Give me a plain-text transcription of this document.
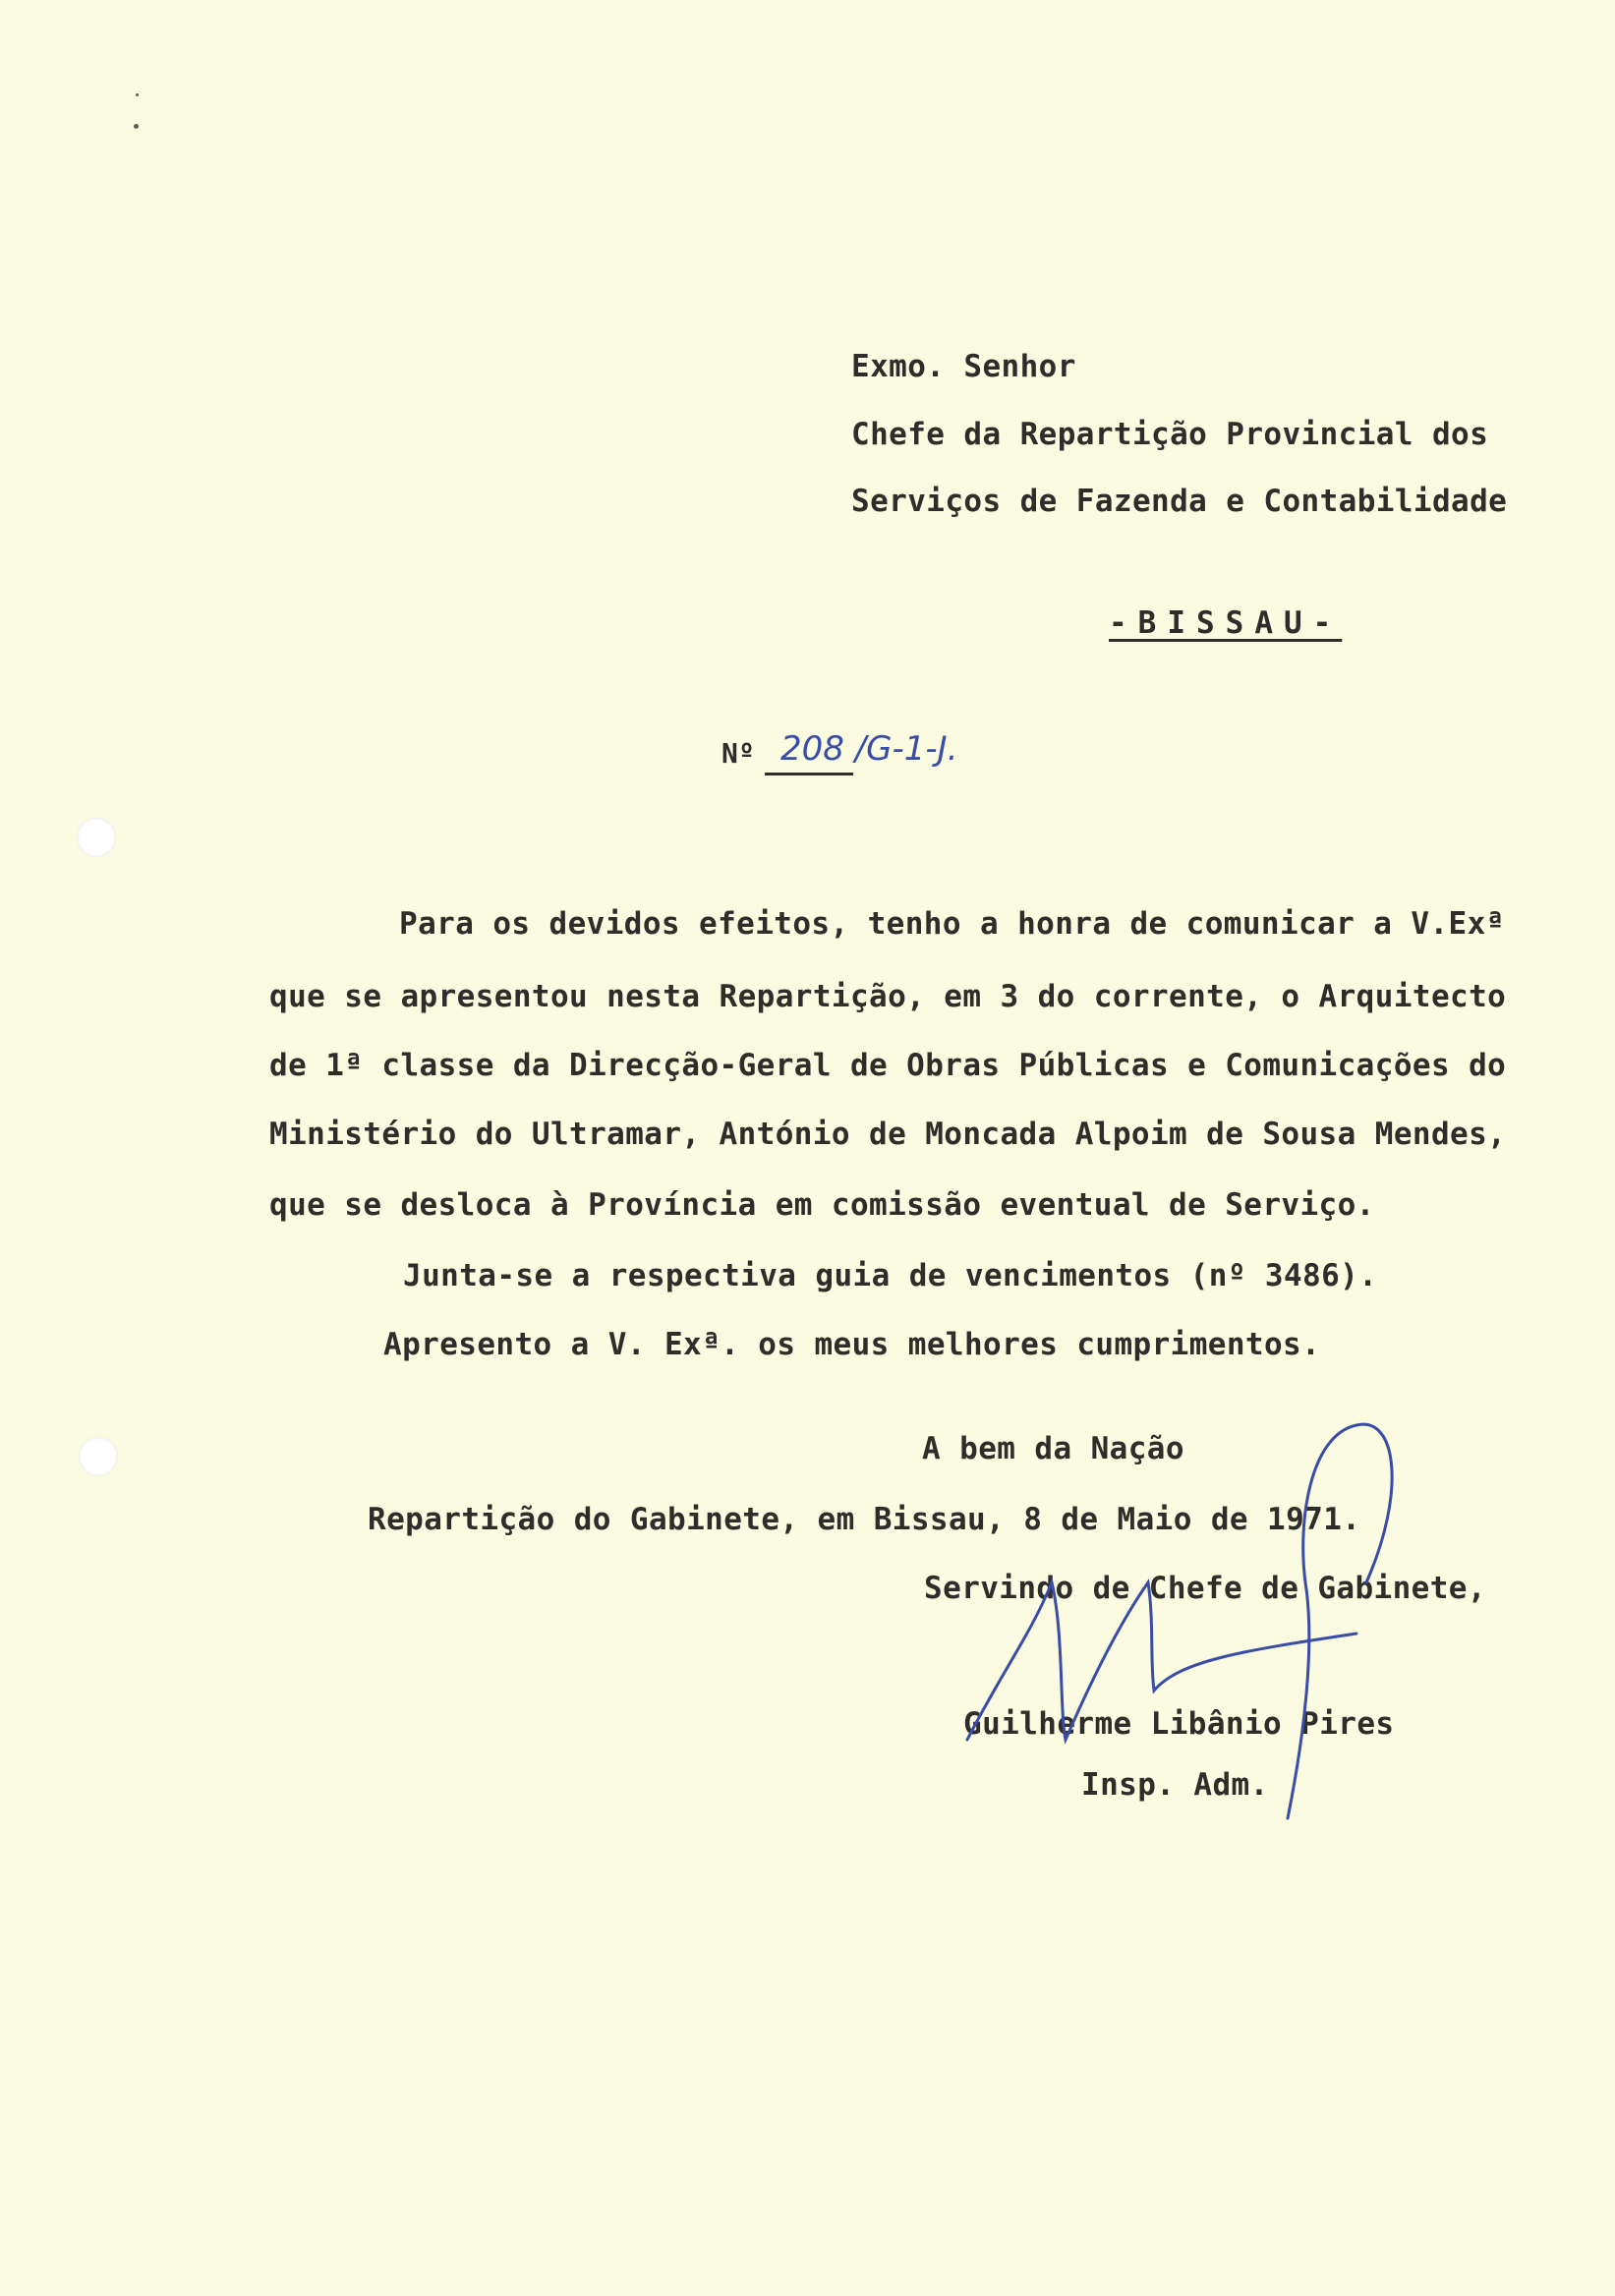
Exmo. Senhor
Chefe da Repartição Provincial dos
Serviços de Fazenda e Contabilidade
-BISSAU-
Nº 208 /G-1-J.
Para os devidos efeitos, tenho a honra de comunicar a V.Exª
que se apresentou nesta Repartição, em 3 do corrente, o Arquitecto
de 1ª classe da Direcção-Geral de Obras Públicas e Comunicações do
Ministério do Ultramar, António de Moncada Alpoim de Sousa Mendes,
que se desloca à Província em comissão eventual de Serviço.
Junta-se a respectiva guia de vencimentos (nº 3486).
Apresento a V. Exª. os meus melhores cumprimentos.
A bem da Nação
Repartição do Gabinete, em Bissau, 8 de Maio de 1971.
Servindo de Chefe de Gabinete,
Guilherme Libânio Pires
Insp. Adm.
